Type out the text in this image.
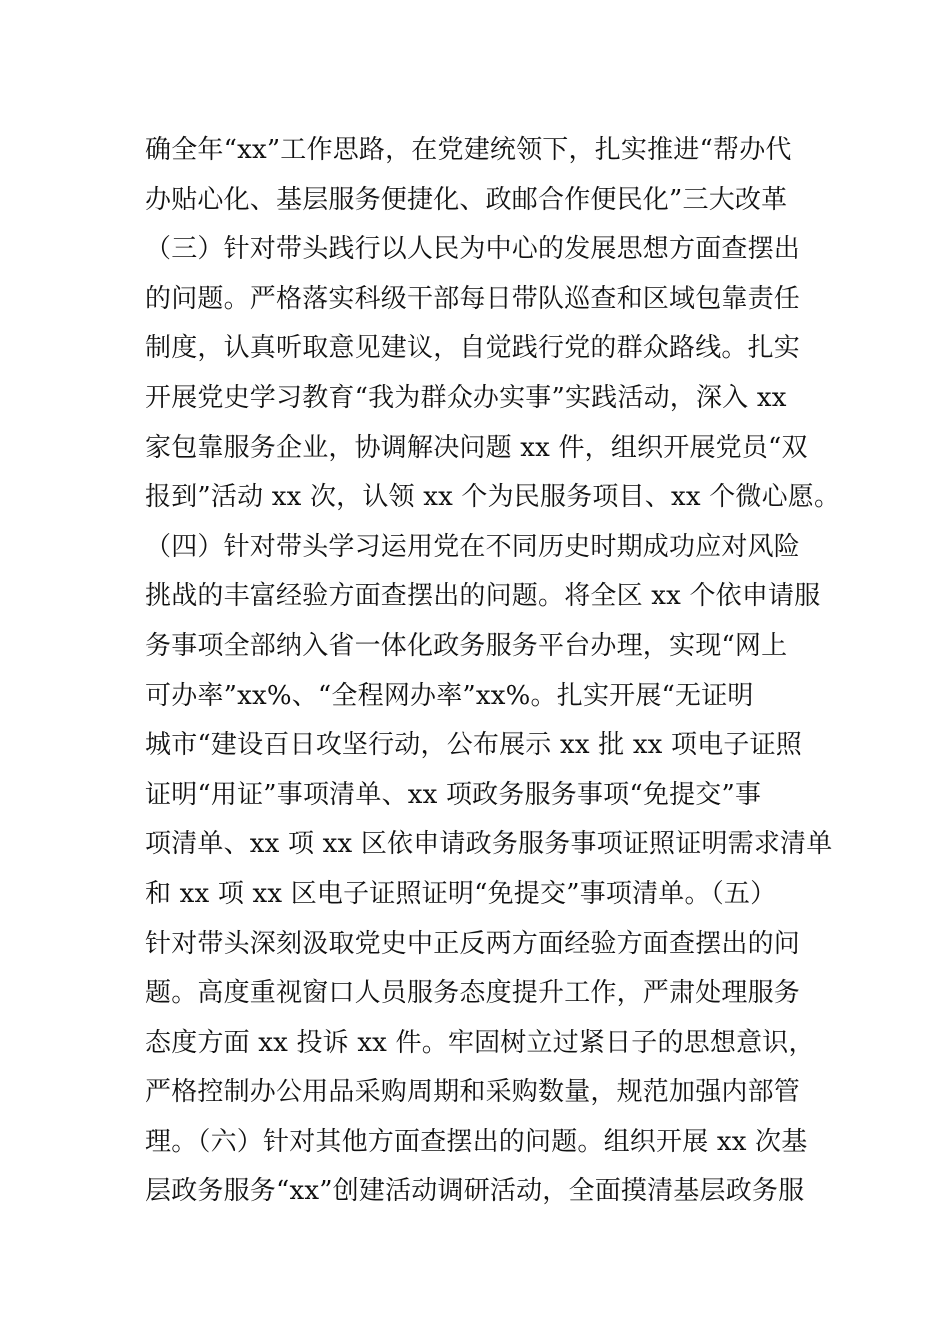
确全年“xx”工作思路，在党建统领下，扎实推进“帮办代
办贴心化、基层服务便捷化、政邮合作便民化”三大改革
（三）针对带头践行以人民为中心的发展思想方面查摆出
的问题。严格落实科级干部每日带队巡查和区域包靠责任
制度，认真听取意见建议，自觉践行党的群众路线。扎实
开展党史学习教育“我为群众办实事”实践活动，深入 xx
家包靠服务企业，协调解决问题 xx 件，组织开展党员“双
报到”活动 xx 次，认领 xx 个为民服务项目、xx 个微心愿。
（四）针对带头学习运用党在不同历史时期成功应对风险
挑战的丰富经验方面查摆出的问题。将全区 xx 个依申请服
务事项全部纳入省一体化政务服务平台办理，实现“网上
可办率”xx%、“全程网办率”xx%。扎实开展“无证明
城市“建设百日攻坚行动，公布展示 xx 批 xx 项电子证照
证明“用证”事项清单、xx 项政务服务事项“免提交”事
项清单、xx 项 xx 区依申请政务服务事项证照证明需求清单
和 xx 项 xx 区电子证照证明“免提交”事项清单。（五）
针对带头深刻汲取党史中正反两方面经验方面查摆出的问
题。高度重视窗口人员服务态度提升工作，严肃处理服务
态度方面 xx 投诉 xx 件。牢固树立过紧日子的思想意识，
严格控制办公用品采购周期和采购数量，规范加强内部管
理。（六）针对其他方面查摆出的问题。组织开展 xx 次基
层政务服务“xx”创建活动调研活动，全面摸清基层政务服
